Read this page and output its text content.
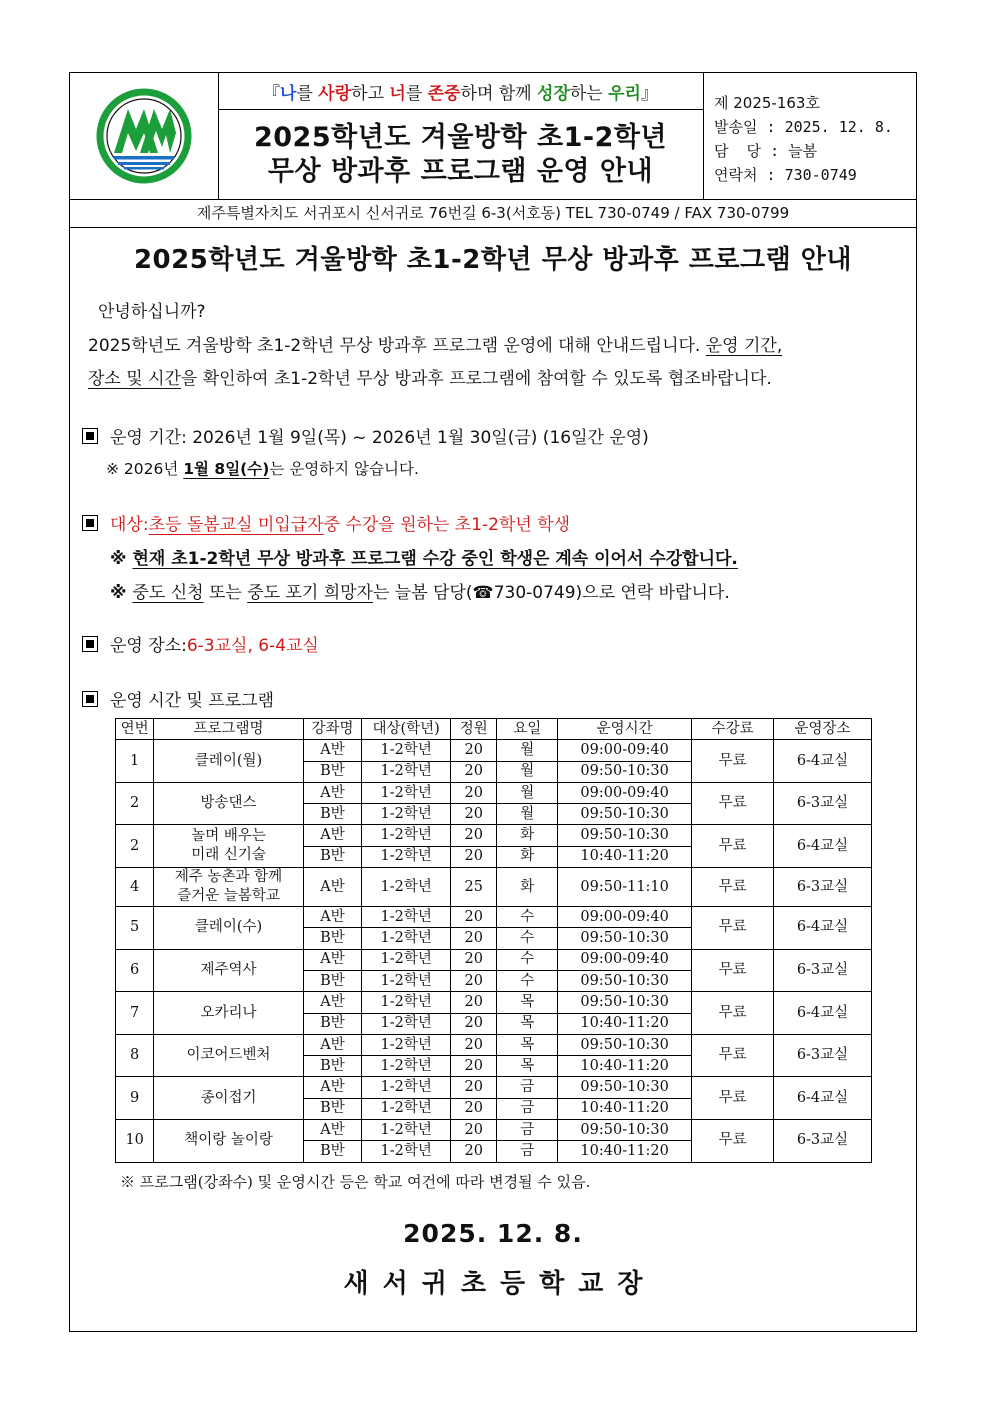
『 나 를 사랑 하고 너 를 존중 하며 함께 성장 하는 우리 』
2025학년도 겨울방학 초1-2학년
무상 방과후 프로그램 운영 안내
제 2025-163호
발송일 : 2025. 12. 8.
담  당 : 늘봄
연락처 : 730-0749
제주특별자치도 서귀포시 신서귀로 76번길 6-3(서호동) TEL 730-0749 / FAX 730-0799
2025학년도 겨울방학 초1-2학년 무상 방과후 프로그램 안내
안녕하십니까?
2025학년도 겨울방학 초1-2학년 무상 방과후 프로그램 운영에 대해 안내드립니다. 운영 기간,
장소 및 시간을 확인하여 초1-2학년 무상 방과후 프로그램에 참여할 수 있도록 협조바랍니다.
운영 기간: 2026년 1월 9일(목) ~ 2026년 1월 30일(금) (16일간 운영)
※ 2026년 1월 8일(수)는 운영하지 않습니다.
대상: 초등 돌봄교실 미입급자 중 수강을 원하는 초1-2학년 학생
※ 현재 초1-2학년 무상 방과후 프로그램 수강 중인 학생은 계속 이어서 수강합니다.
※ 중도 신청 또는 중도 포기 희망자는 늘봄 담당(☎730-0749)으로 연락 바랍니다.
운영 장소: 6-3교실, 6-4교실
운영 시간 및 프로그램
연번	프로그램명	강좌명	대상(학년)	정원	요일	운영시간	수강료	운영장소
1	클레이(월)	A반	1-2학년	20	월	09:00-09:40	무료	6-4교실
		B반	1-2학년	20	월	09:50-10:30		
2	방송댄스	A반	1-2학년	20	월	09:00-09:40	무료	6-3교실
		B반	1-2학년	20	월	09:50-10:30		
2	놀며 배우는
미래 신기술	A반	1-2학년	20	화	09:50-10:30	무료	6-4교실
		B반	1-2학년	20	화	10:40-11:20		
4	제주 농촌과 함께
즐거운 늘봄학교	A반	1-2학년	25	화	09:50-11:10	무료	6-3교실

5	클레이(수)	A반	1-2학년	20	수	09:00-09:40	무료	6-4교실
		B반	1-2학년	20	수	09:50-10:30		
6	제주역사	A반	1-2학년	20	수	09:00-09:40	무료	6-3교실
		B반	1-2학년	20	수	09:50-10:30		
7	오카리나	A반	1-2학년	20	목	09:50-10:30	무료	6-4교실
		B반	1-2학년	20	목	10:40-11:20		
8	이코어드벤처	A반	1-2학년	20	목	09:50-10:30	무료	6-3교실
		B반	1-2학년	20	목	10:40-11:20		
9	종이접기	A반	1-2학년	20	금	09:50-10:30	무료	6-4교실
		B반	1-2학년	20	금	10:40-11:20		
10	책이랑 놀이랑	A반	1-2학년	20	금	09:50-10:30	무료	6-3교실
		B반	1-2학년	20	금	10:40-11:20		
※ 프로그램(강좌수) 및 운영시간 등은 학교 여건에 따라 변경될 수 있음.
2025. 12. 8.
새서귀초등학교장
